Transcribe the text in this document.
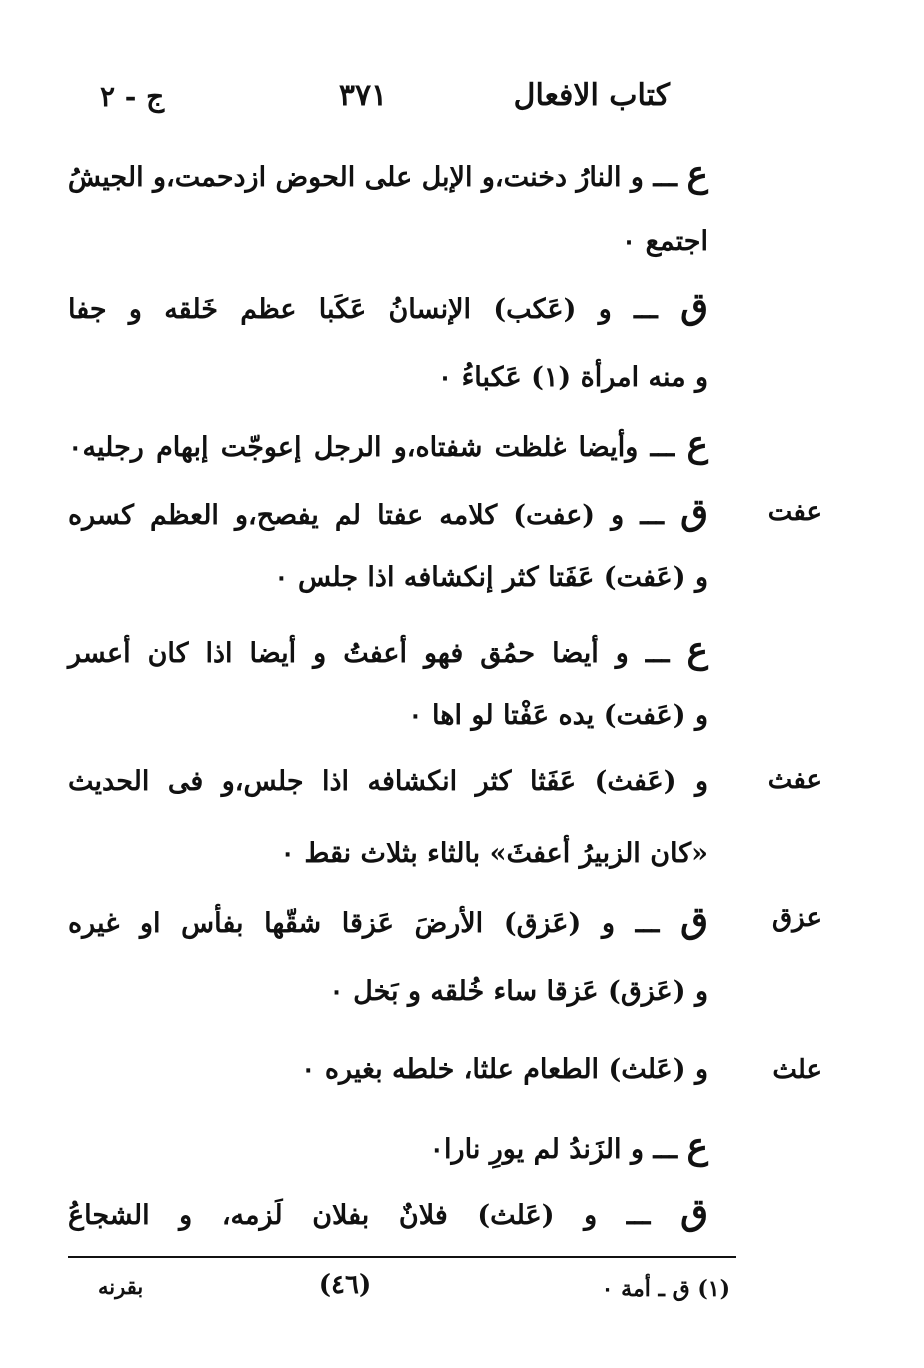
كتاب الافعال
٣٧١
ج - ٢
عفت
عفث
عزق
علث
ع ـــ و النارُ دخنت،و الإبل على الحوض ازدحمت،و الجيشُ
اجتمع ٠
ق ـــ و (عَكب) الإنسانُ عَكَبا عظم خَلقه و جفا
و منه امرأة (١) عَكباءُ ٠
ع ـــ وأيضا غلظت شفتاه،و الرجل إعوجّت إبهام رجليه٠
ق ـــ و (عفت) كلامه عفتا لم يفصح،و العظم كسره
و (عَفت) عَفَتا كثر إنكشافه اذا جلس ٠
ع ـــ و أيضا حمُق فهو أعفتُ و أيضا اذا كان أعسر
و (عَفت) يده عَفْتا لو اها ٠
و (عَفث) عَفَثا كثر انكشافه اذا جلس،و فى الحديث
«كان الزبيرُ أعفثَ» بالثاء بثلاث نقط ٠
ق ـــ و (عَزق) الأرضَ عَزقا شقّها بفأس او غيره
و (عَزق) عَزقا ساء خُلقه و بَخل ٠
و (عَلث) الطعام علثا، خلطه بغيره ٠
ع ـــ و الزَندُ لم يورِ نارا٠
ق ـــ و (عَلث) فلانٌ بفلان لَزمه، و الشجاعُ
(١) ق ـ أمة ٠
(٤٦)
بقرنه
